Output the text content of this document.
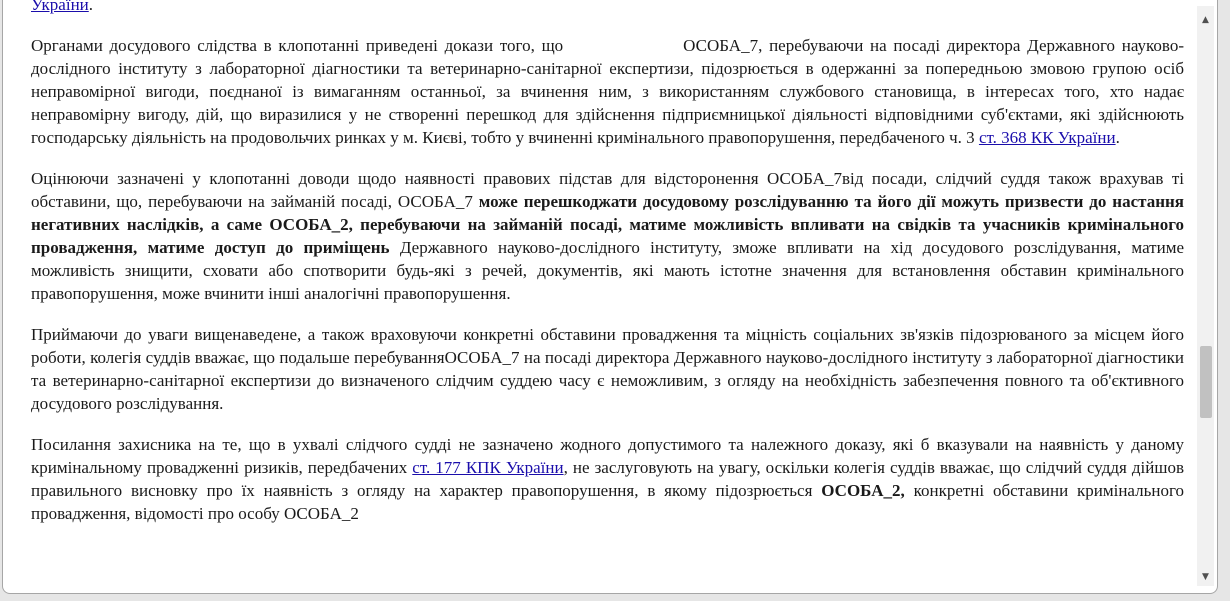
України.

Органами досудового слідства в клопотанні приведені докази того, що	ОСОБА_7, перебуваючи на посаді директора Державного науково-дослідного інституту з лабораторної діагностики та ветеринарно-санітарної експертизи, підозрюється в одержанні за попередньою змовою групою осіб неправомірної вигоди, поєднаної із вимаганням останньої, за вчинення ним, з використанням службового становища, в інтересах того, хто надає неправомірну вигоду, дій, що виразилися у не створенні перешкод для здійснення підприємницької діяльності відповідними суб'єктами, які здійснюють господарську діяльність на продовольчих ринках у м. Києві, тобто у вчиненні кримінального правопорушення, передбаченого ч. 3 ст. 368 КК України.

Оцінюючи зазначені у клопотанні доводи щодо наявності правових підстав для відсторонення ОСОБА_7від посади, слідчий суддя також врахував ті обставини, що, перебуваючи на займаній посаді, ОСОБА_7 може перешкоджати досудовому розслідуванню та його дії можуть призвести до настання негативних наслідків, а саме ОСОБА_2, перебуваючи на займаній посаді, матиме можливість впливати на свідків та учасників кримінального провадження, матиме доступ до приміщень Державного науково-дослідного інституту, зможе впливати на хід досудового розслідування, матиме можливість знищити, сховати або спотворити будь-які з речей, документів, які мають істотне значення для встановлення обставин кримінального правопорушення, може вчинити інші аналогічні правопорушення.

Приймаючи до уваги вищенаведене, а також враховуючи конкретні обставини провадження та міцність соціальних зв'язків підозрюваного за місцем його роботи, колегія суддів вважає, що подальше перебуванняОСОБА_7 на посаді директора Державного науково-дослідного інституту з лабораторної діагностики та ветеринарно-санітарної експертизи до визначеного слідчим суддею часу є неможливим, з огляду на необхідність забезпечення повного та об'єктивного досудового розслідування.

Посилання захисника на те, що в ухвалі слідчого судді не зазначено жодного допустимого та належного доказу, які б вказували на наявність у даному кримінальному провадженні ризиків, передбачених ст. 177 КПК України, не заслуговують на увагу, оскільки колегія суддів вважає, що слідчий суддя дійшов правильного висновку про їх наявність з огляду на характер правопорушення, в якому підозрюється ОСОБА_2, конкретні обставини кримінального провадження, відомості про особу ОСОБА_2

▲
▼
